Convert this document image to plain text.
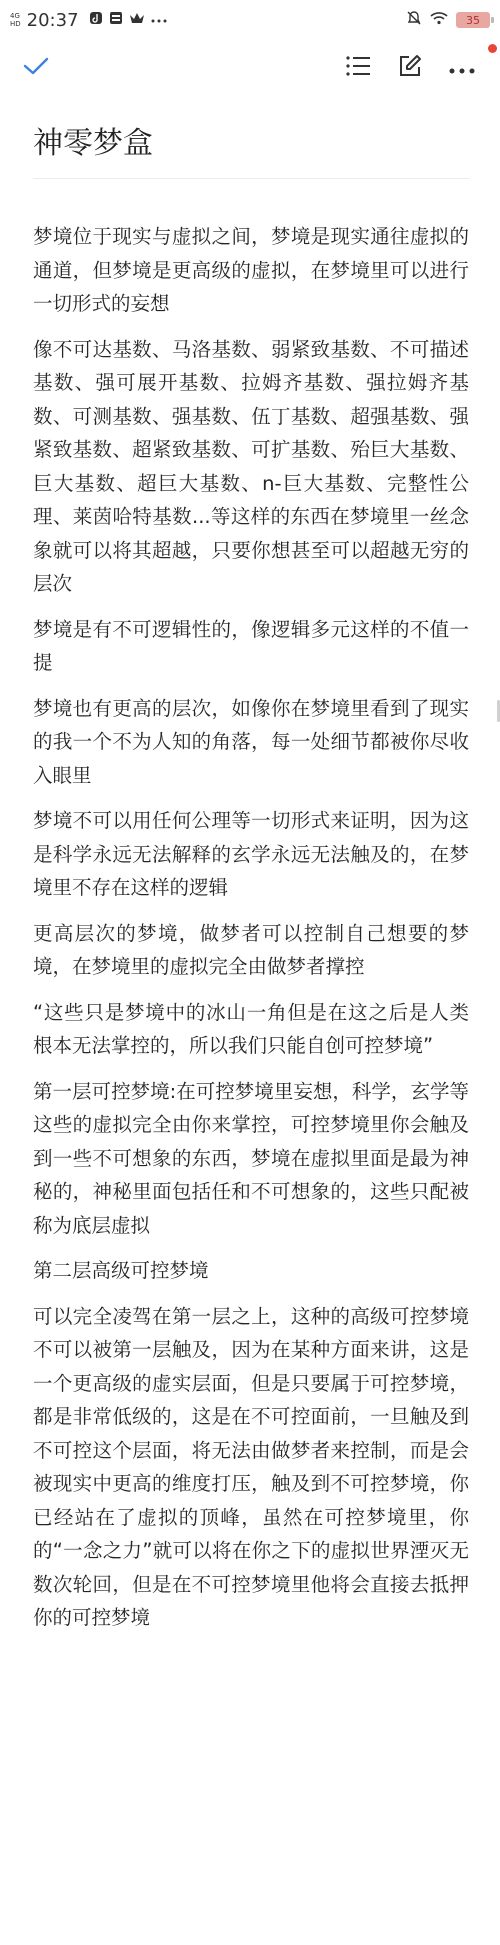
4G
HD 20:37	35
神零梦盒

梦境位于现实与虚拟之间，梦境是现实通往虚拟的通道，但梦境是更高级的虚拟，在梦境里可以进行一切形式的妄想

像不可达基数、马洛基数、弱紧致基数、不可描述基数、强可展开基数、拉姆齐基数、强拉姆齐基数、可测基数、强基数、伍丁基数、超强基数、强紧致基数、超紧致基数、可扩基数、殆巨大基数、巨大基数、超巨大基数、n-巨大基数、完整性公理、莱茵哈特基数...等这样的东西在梦境里一丝念象就可以将其超越，只要你想甚至可以超越无穷的层次

梦境是有不可逻辑性的，像逻辑多元这样的不值一提

梦境也有更高的层次，如像你在梦境里看到了现实的我一个不为人知的角落，每一处细节都被你尽收入眼里

梦境不可以用任何公理等一切形式来证明，因为这是科学永远无法解释的玄学永远无法触及的，在梦境里不存在这样的逻辑

更高层次的梦境，做梦者可以控制自己想要的梦境，在梦境里的虚拟完全由做梦者撑控

“这些只是梦境中的冰山一角但是在这之后是人类根本无法掌控的，所以我们只能自创可控梦境”

第一层可控梦境:在可控梦境里妄想，科学，玄学等这些的虚拟完全由你来掌控，可控梦境里你会触及到一些不可想象的东西，梦境在虚拟里面是最为神秘的，神秘里面包括任和不可想象的，这些只配被称为底层虚拟

第二层高级可控梦境

可以完全凌驾在第一层之上，这种的高级可控梦境不可以被第一层触及，因为在某种方面来讲，这是一个更高级的虚实层面，但是只要属于可控梦境，都是非常低级的，这是在不可控面前，一旦触及到不可控这个层面，将无法由做梦者来控制，而是会被现实中更高的维度打压，触及到不可控梦境，你已经站在了虚拟的顶峰，虽然在可控梦境里，你的“一念之力”就可以将在你之下的虚拟世界湮灭无数次轮回，但是在不可控梦境里他将会直接去抵押你的可控梦境
